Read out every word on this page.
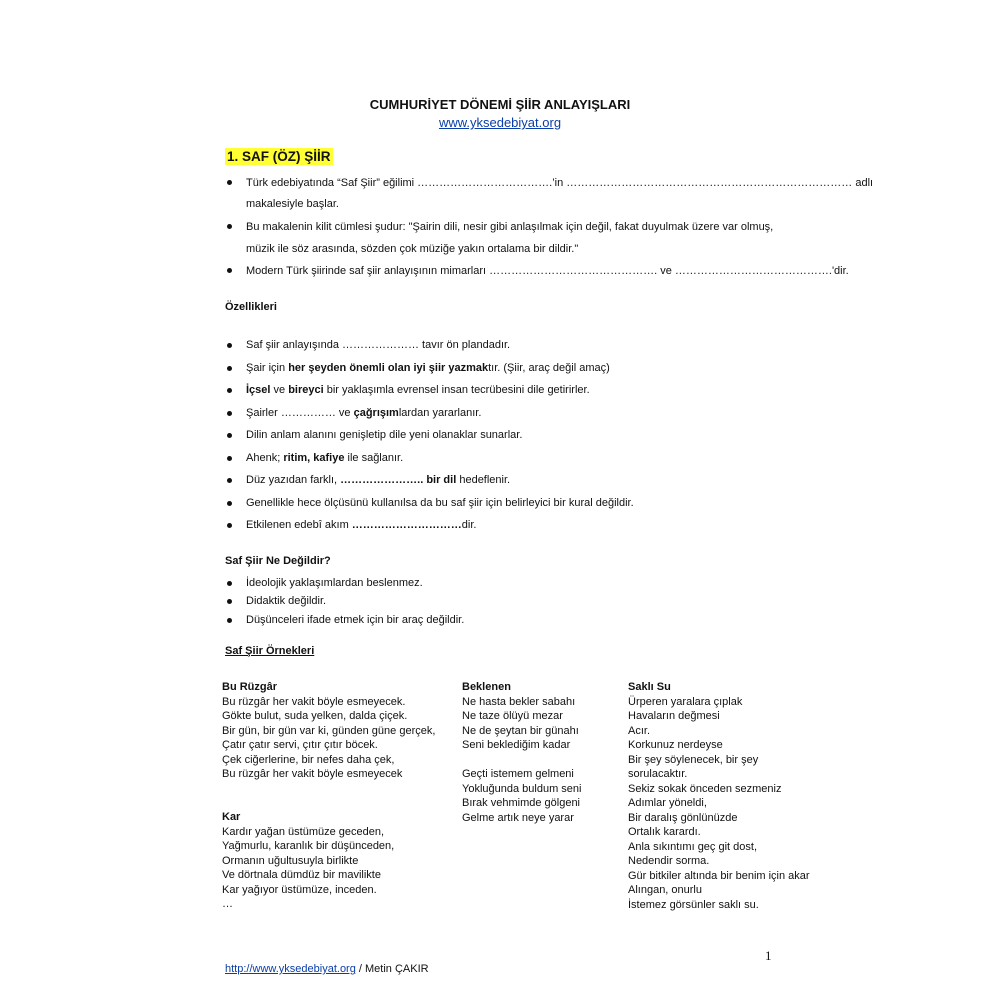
CUMHURİYET DÖNEMİ ŞİİR ANLAYIŞLARI
www.yksedebiyat.org
1. SAF (ÖZ) ŞİİR
Türk edebiyatında “Saf Şiir” eğilimi ……………………………….’in …………………………………………………………………… adlı
makalesiyle başlar.
Bu makalenin kilit cümlesi şudur: "Şairin dili, nesir gibi anlaşılmak için değil, fakat duyulmak üzere var olmuş,
müzik ile söz arasında, sözden çok müziğe yakın ortalama bir dildir."
Modern Türk şiirinde saf şiir anlayışının mimarları ………………………………………. ve …………………………………….'dir.
Özellikleri
Saf şiir anlayışında ………………… tavır ön plandadır.
Şair için her şeyden önemli olan iyi şiir yazmaktır. (Şiir, araç değil amaç)
İçsel ve bireyci bir yaklaşımla evrensel insan tecrübesini dile getirirler.
Şairler …………… ve çağrışımlardan yararlanır.
Dilin anlam alanını genişletip dile yeni olanaklar sunarlar.
Ahenk; ritim, kafiye ile sağlanır.
Düz yazıdan farklı, ………………….. bir dil hedeflenir.
Genellikle hece ölçüsünü kullanılsa da bu saf şiir için belirleyici bir kural değildir.
Etkilenen edebî akım …………………………dir.
Saf Şiir Ne Değildir?
İdeolojik yaklaşımlardan beslenmez.
Didaktik değildir.
Düşünceleri ifade etmek için bir araç değildir.
Saf Şiir Örnekleri
Bu Rüzgâr
Bu rüzgâr her vakit böyle esmeyecek.
Gökte bulut, suda yelken, dalda çiçek.
Bir gün, bir gün var ki, günden güne gerçek,
Çatır çatır servi, çıtır çıtır böcek.
Çek ciğerlerine, bir nefes daha çek,
Bu rüzgâr her vakit böyle esmeyecek
Kar
Kardır yağan üstümüze geceden,
Yağmurlu, karanlık bir düşünceden,
Ormanın uğultusuyla birlikte
Ve dörtnala dümdüz bir mavilikte
Kar yağıyor üstümüze, inceden.
…
Beklenen
Ne hasta bekler sabahı
Ne taze ölüyü mezar
Ne de şeytan bir günahı
Seni beklediğim kadar
Geçti istemem gelmeni
Yokluğunda buldum seni
Bırak vehmimde gölgeni
Gelme artık neye yarar
Saklı Su
Ürperen yaralara çıplak
Havaların değmesi
Acır.
Korkunuz nerdeyse
Bir şey söylenecek, bir şey
sorulacaktır.
Sekiz sokak önceden sezmeniz
Adımlar yöneldi,
Bir daralış gönlünüzde
Ortalık karardı.
Anla sıkıntımı geç git dost,
Nedendir sorma.
Gür bitkiler altında bir benim için akar
Alıngan, onurlu
İstemez görsünler saklı su.
1
http://www.yksedebiyat.org / Metin ÇAKIR
